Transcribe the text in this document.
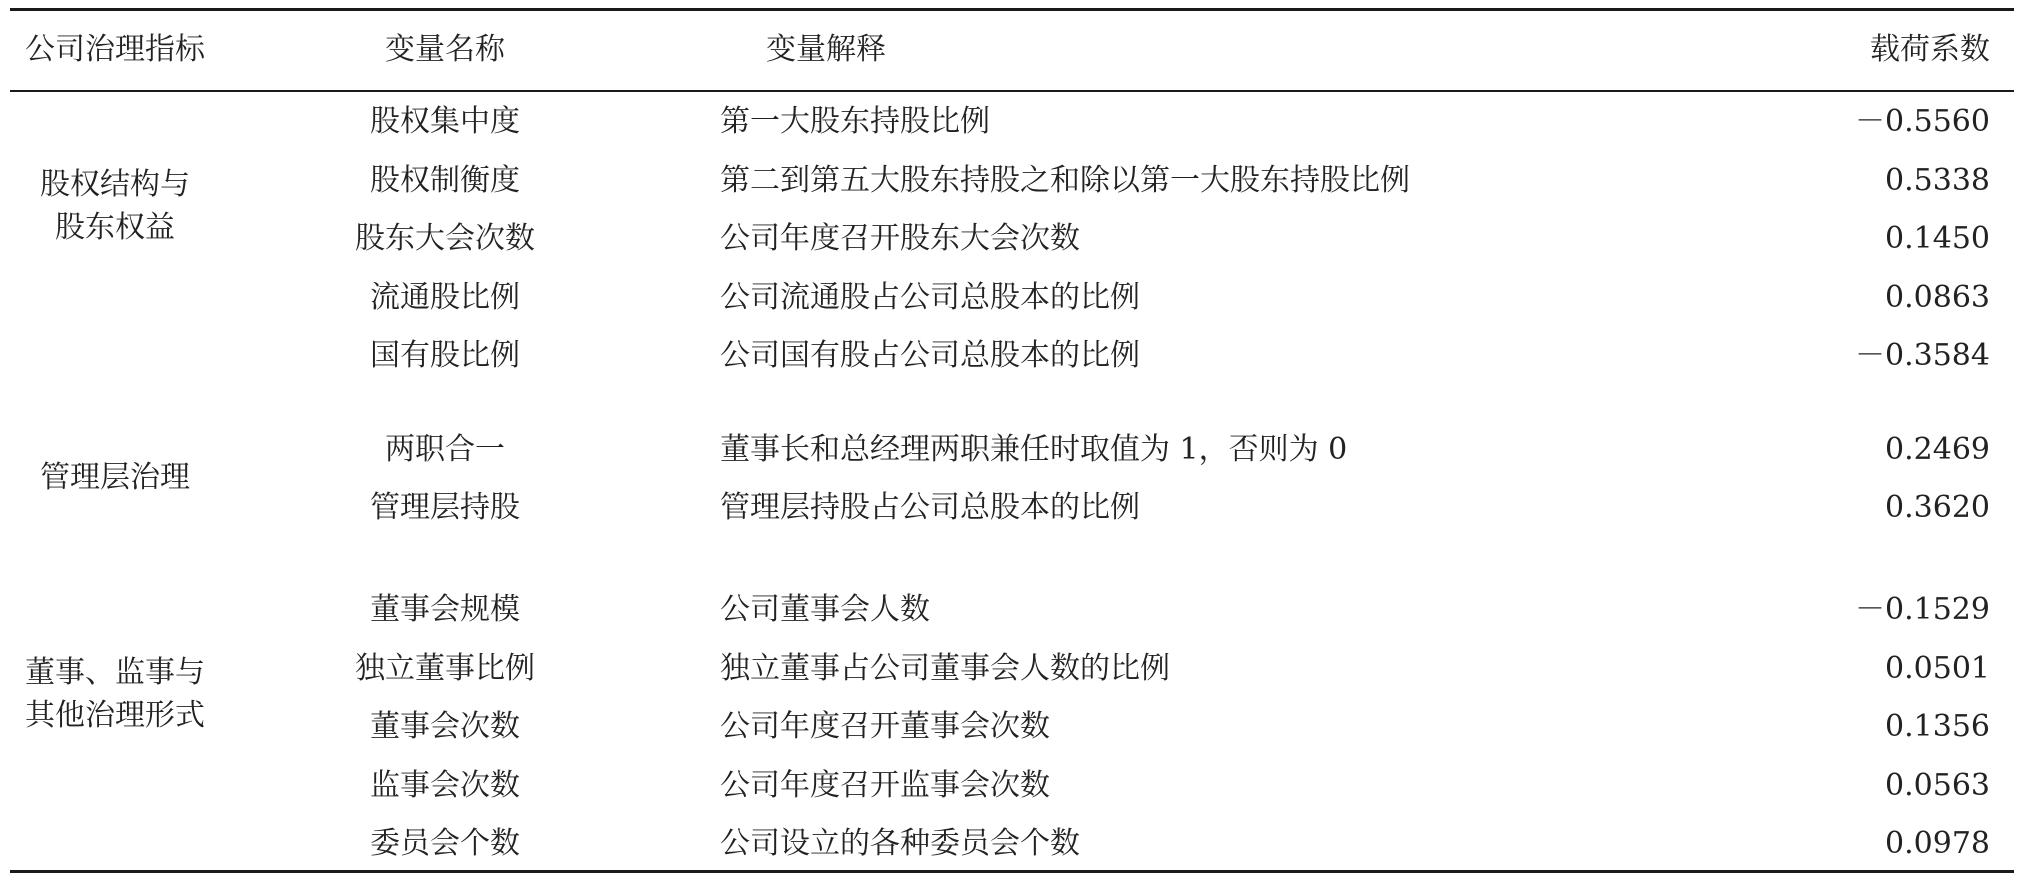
公司治理指标	变量名称	变量解释	载荷系数
股权结构与
股东权益
股权集中度	第一大股东持股比例	－0.5560
股权制衡度	第二到第五大股东持股之和除以第一大股东持股比例	0.5338
股东大会次数	公司年度召开股东大会次数	0.1450
流通股比例	公司流通股占公司总股本的比例	0.0863
国有股比例	公司国有股占公司总股本的比例	－0.3584
管理层治理
两职合一	董事长和总经理两职兼任时取值为 1，否则为 0	0.2469
管理层持股	管理层持股占公司总股本的比例	0.3620
董事、监事与
其他治理形式
董事会规模	公司董事会人数	－0.1529
独立董事比例	独立董事占公司董事会人数的比例	0.0501
董事会次数	公司年度召开董事会次数	0.1356
监事会次数	公司年度召开监事会次数	0.0563
委员会个数	公司设立的各种委员会个数	0.0978
